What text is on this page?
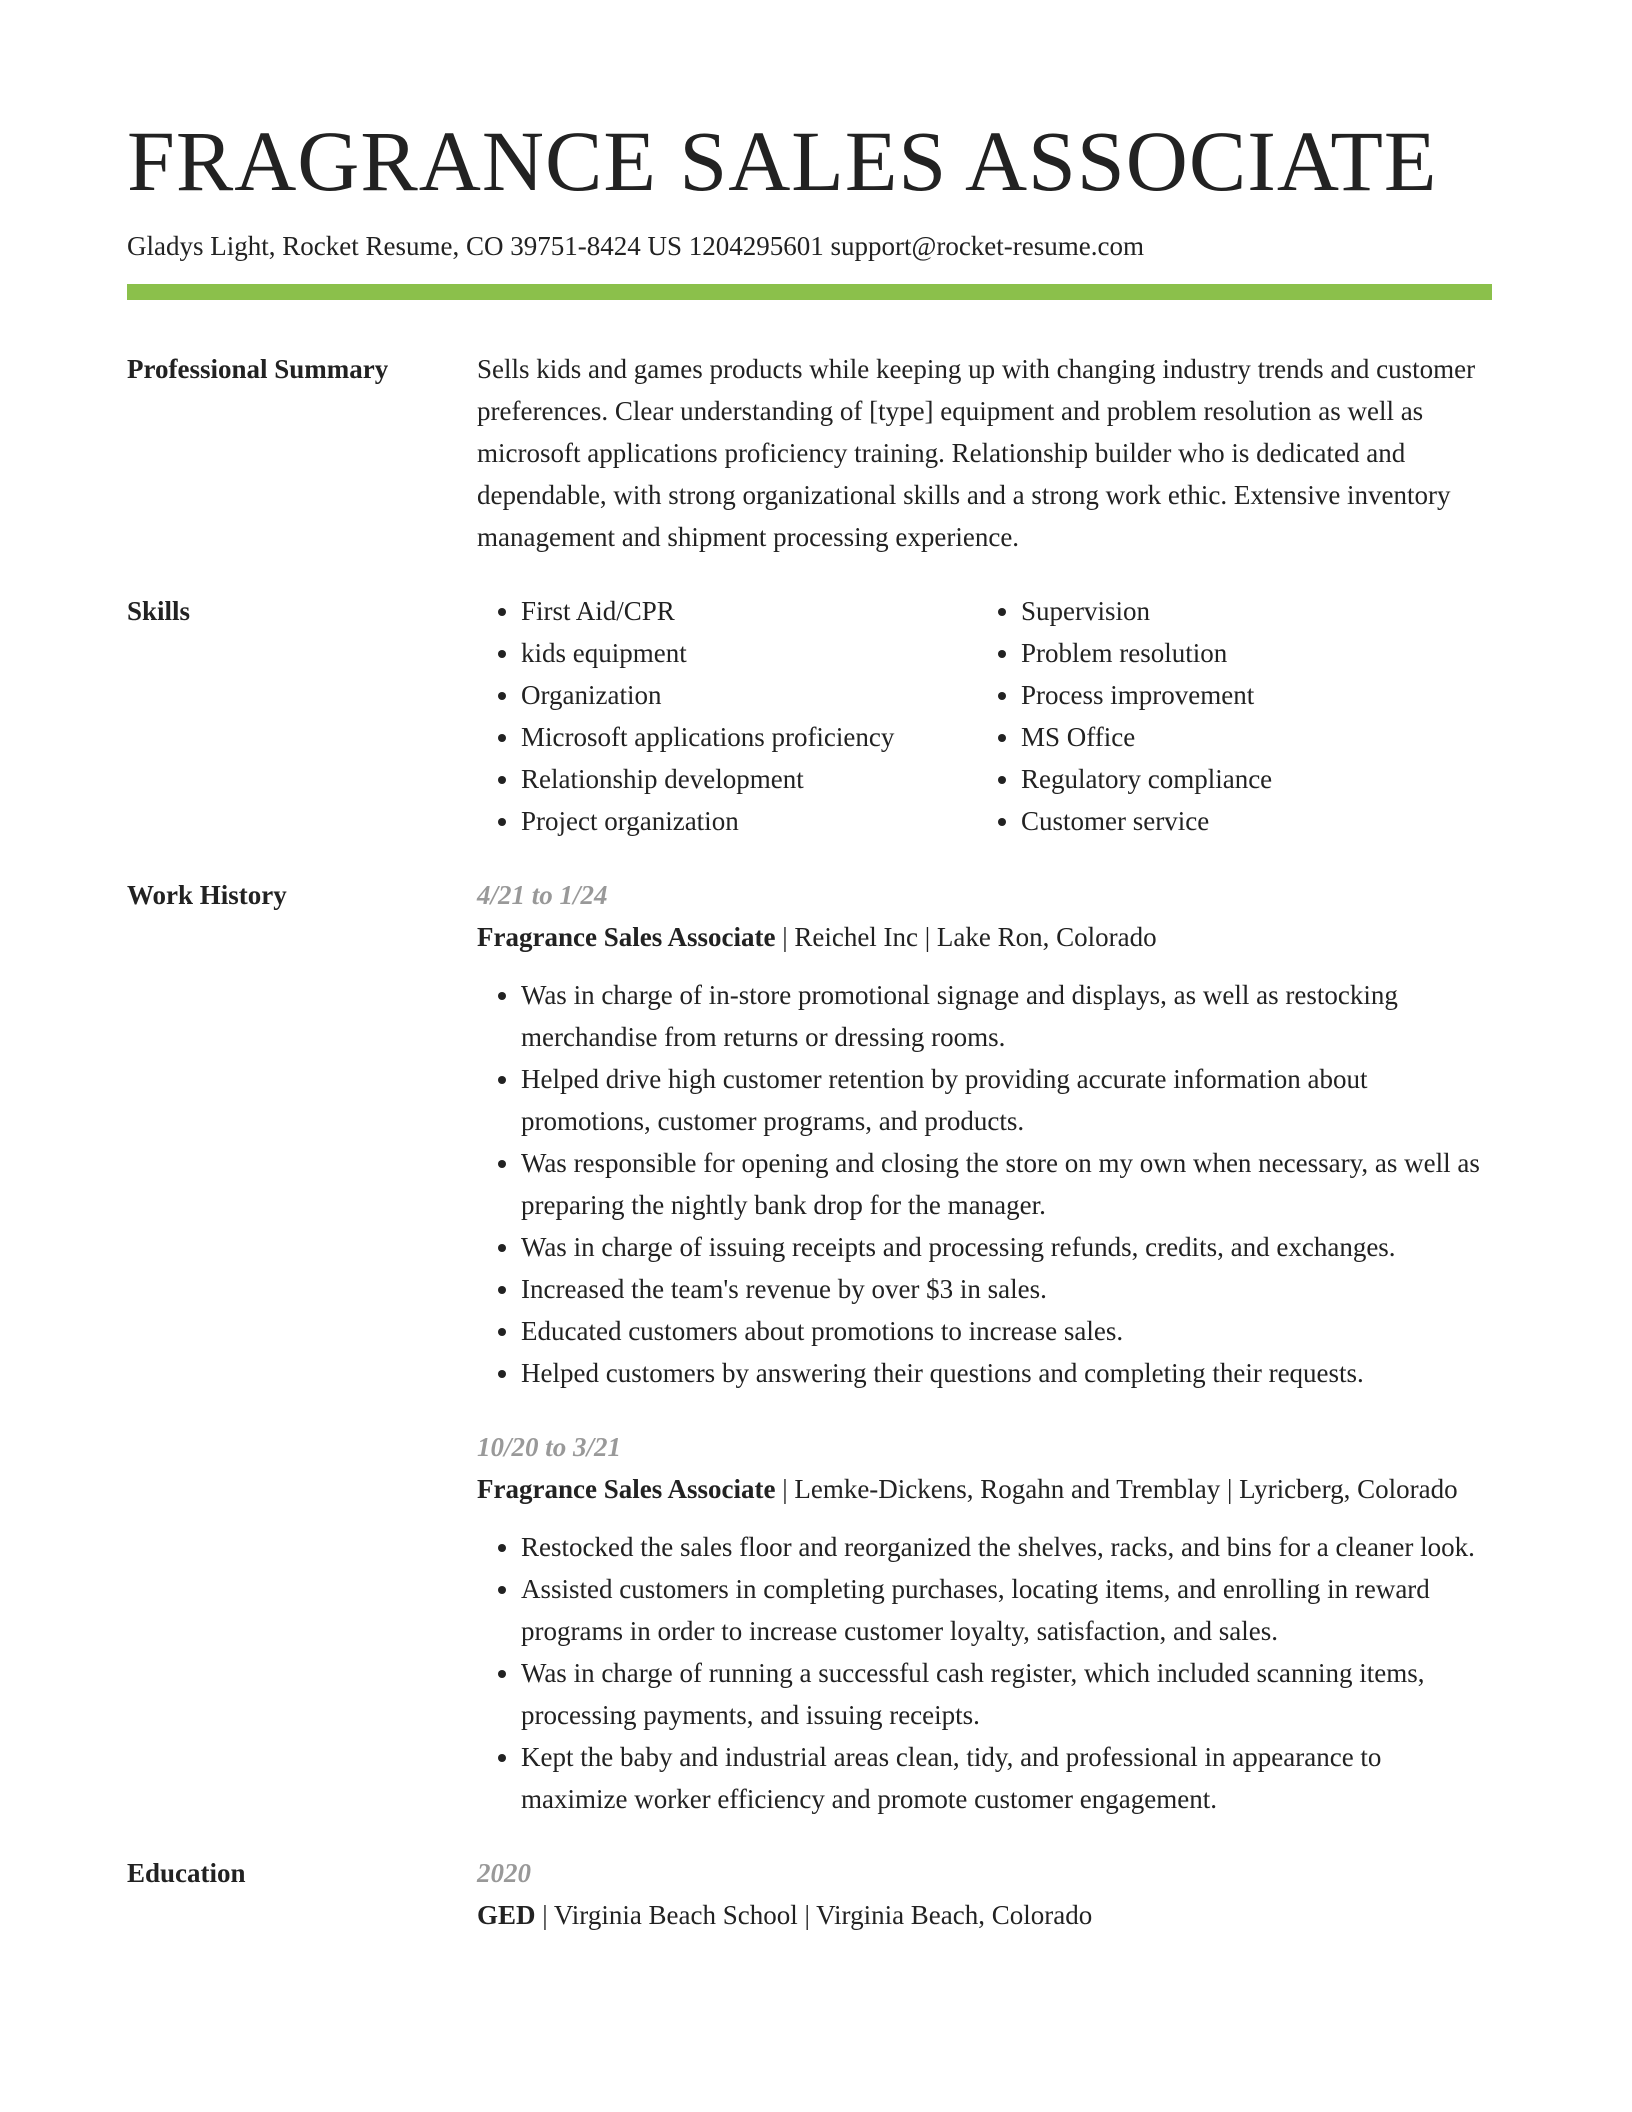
FRAGRANCE SALES ASSOCIATE
Gladys Light, Rocket Resume, CO 39751-8424 US 1204295601 support@rocket-resume.com
Professional Summary	Sells kids and games products while keeping up with changing industry trends and customer preferences. Clear understanding of [type] equipment and problem resolution as well as microsoft applications proficiency training. Relationship builder who is dedicated and dependable, with strong organizational skills and a strong work ethic. Extensive inventory management and shipment processing experience.
Skills
•	First Aid/CPR
• kids equipment
• Organization
• Microsoft applications proficiency
• Relationship development
• Project organization
• Supervision
• Problem resolution
• Process improvement
• MS Office
• Regulatory compliance
• Customer service
Work History	4/21 to 1/24
Fragrance Sales Associate | Reichel Inc | Lake Ron, Colorado
• Was in charge of in-store promotional signage and displays, as well as restocking merchandise from returns or dressing rooms.
• Helped drive high customer retention by providing accurate information about promotions, customer programs, and products.
• Was responsible for opening and closing the store on my own when necessary, as well as preparing the nightly bank drop for the manager.
• Was in charge of issuing receipts and processing refunds, credits, and exchanges.
• Increased the team's revenue by over $3 in sales.
• Educated customers about promotions to increase sales.
• Helped customers by answering their questions and completing their requests.
10/20 to 3/21
Fragrance Sales Associate | Lemke-Dickens, Rogahn and Tremblay | Lyricberg, Colorado
• Restocked the sales floor and reorganized the shelves, racks, and bins for a cleaner look.
• Assisted customers in completing purchases, locating items, and enrolling in reward programs in order to increase customer loyalty, satisfaction, and sales.
• Was in charge of running a successful cash register, which included scanning items, processing payments, and issuing receipts.
• Kept the baby and industrial areas clean, tidy, and professional in appearance to maximize worker efficiency and promote customer engagement.
Education	2020
GED | Virginia Beach School | Virginia Beach, Colorado
